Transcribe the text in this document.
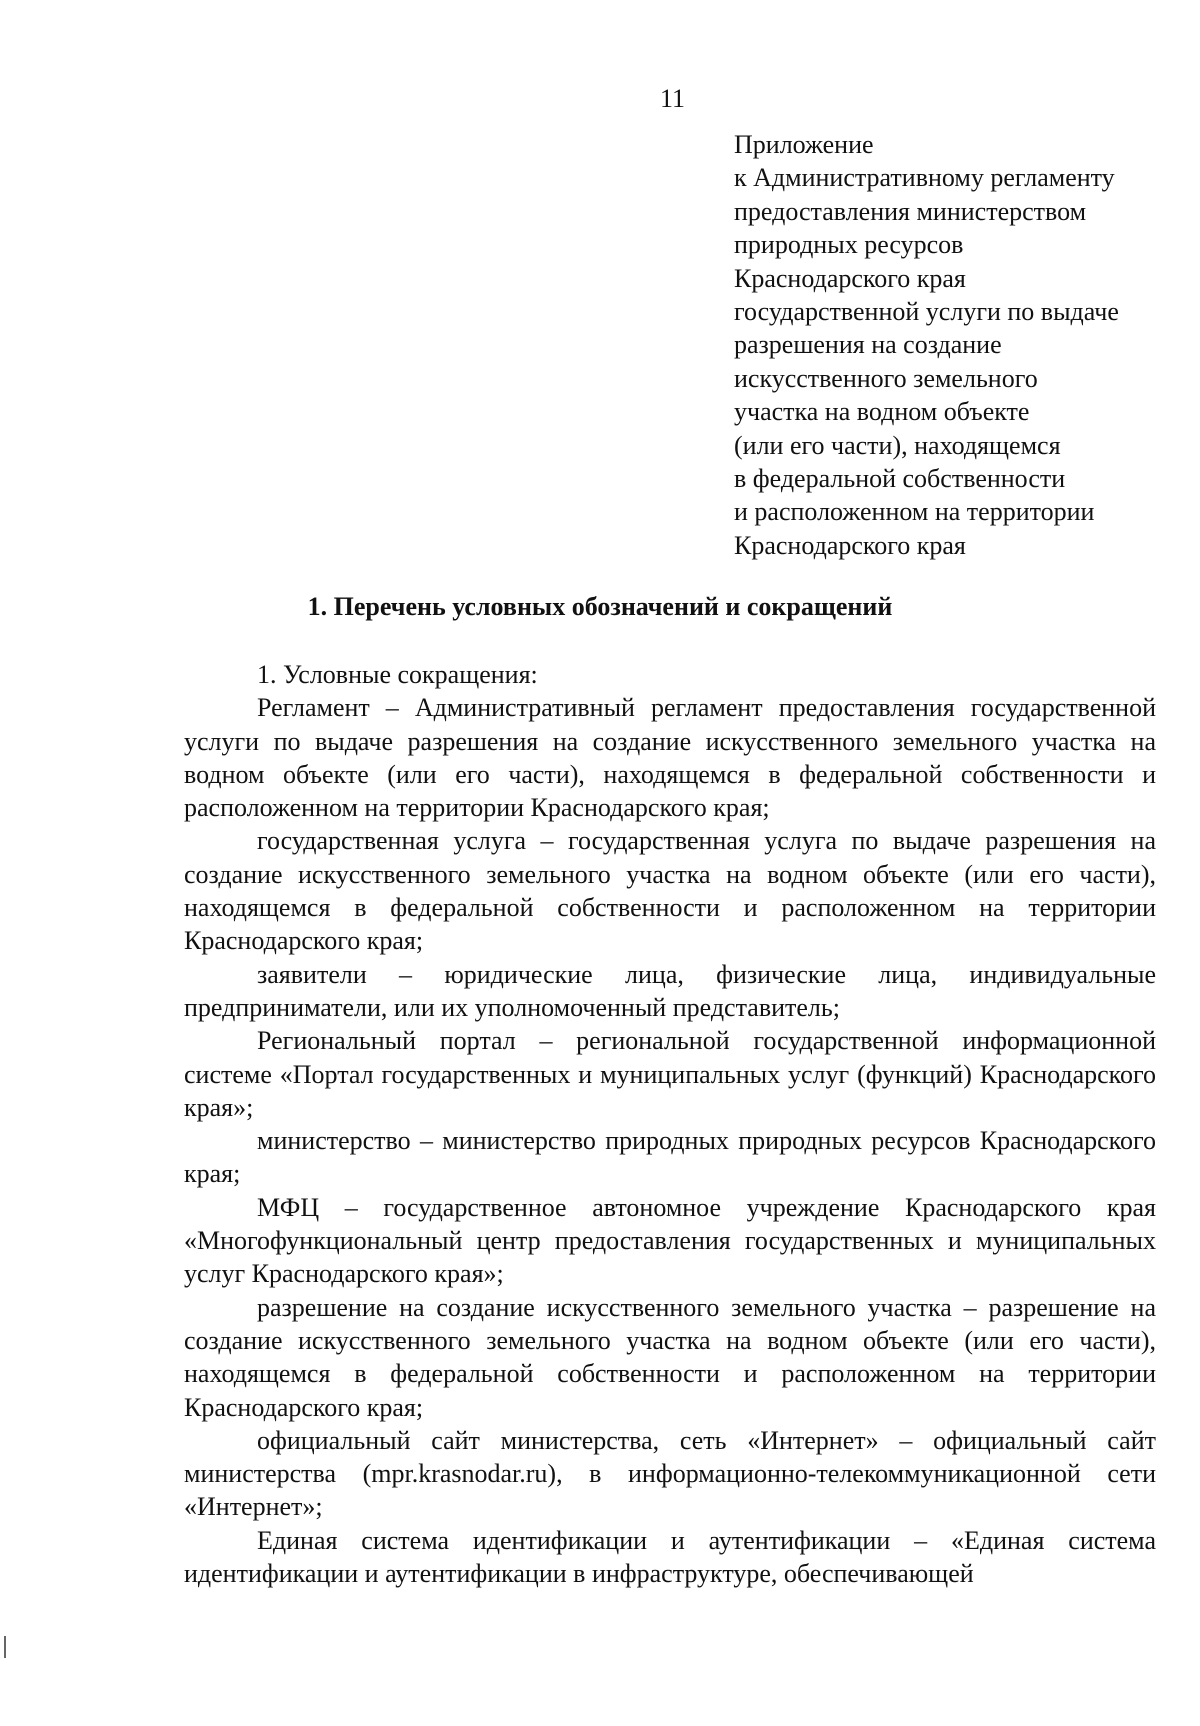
11
Приложение
к Административному регламенту
предоставления министерством
природных ресурсов
Краснодарского края
государственной услуги по выдаче
разрешения на создание
искусственного земельного
участка на водном объекте
(или его части), находящемся
в федеральной собственности
и расположенном на территории
Краснодарского края
1. Перечень условных обозначений и сокращений

1. Условные сокращения:

Регламент – Административный регламент предоставления государственной услуги по выдаче разрешения на создание искусственного земельного участка на водном объекте (или его части), находящемся в федеральной собственности и расположенном на территории Краснодарского края;

государственная услуга – государственная услуга по выдаче разрешения на создание искусственного земельного участка на водном объекте (или его части), находящемся в федеральной собственности и расположенном на территории Краснодарского края;

заявители – юридические лица, физические лица, индивидуальные предприниматели, или их уполномоченный представитель;

Региональный портал – региональной государственной информационной системе «Портал государственных и муниципальных услуг (функций) Краснодарского края»;

министерство – министерство природных природных ресурсов Краснодарского края;

МФЦ – государственное автономное учреждение Краснодарского края «Многофункциональный центр предоставления государственных и муниципальных услуг Краснодарского края»;

разрешение на создание искусственного земельного участка – разрешение на создание искусственного земельного участка на водном объекте (или его части), находящемся в федеральной собственности и расположенном на территории Краснодарского края;

официальный сайт министерства, сеть «Интернет» – официальный сайт министерства (mpr.krasnodar.ru), в информационно-телекоммуникационной сети «Интернет»;

Единая система идентификации и аутентификации – «Единая система идентификации и аутентификации в инфраструктуре, обеспечивающей
